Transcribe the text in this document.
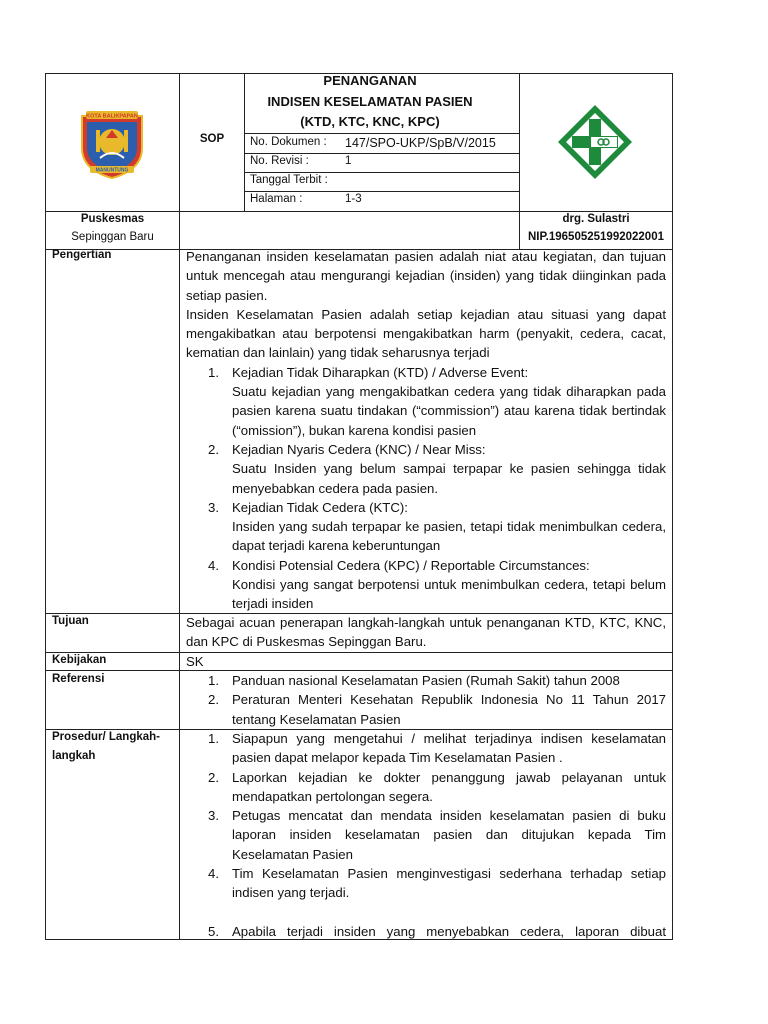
KOTA BALIKPAPAN
MANUNTUNG
SOP
PENANGANAN
INDISEN KESELAMATAN PASIEN
(KTD, KTC, KNC, KPC)
No. Dokumen : 147/SPO-UKP/SpB/V/2015
No. Revisi :	1
Tanggal Terbit :
Halaman :	1-3
Puskesmas
Sepinggan Baru
drg. Sulastri
NIP.196505251992022001
Pengertian	Penanganan insiden keselamatan pasien adalah niat atau kegiatan, dan tujuan untuk mencegah atau mengurangi kejadian (insiden) yang tidak diinginkan pada setiap pasien.
Insiden Keselamatan Pasien adalah setiap kejadian atau situasi yang dapat mengakibatkan atau berpotensi mengakibatkan harm (penyakit, cedera, cacat, kematian dan lainlain) yang tidak seharusnya terjadi
1. Kejadian Tidak Diharapkan (KTD) / Adverse Event:
Suatu kejadian yang mengakibatkan cedera yang tidak diharapkan pada pasien karena suatu tindakan (“commission”) atau karena tidak bertindak (“omission”), bukan karena kondisi pasien
2. Kejadian Nyaris Cedera (KNC) / Near Miss:
Suatu Insiden yang belum sampai terpapar ke pasien sehingga tidak menyebabkan cedera pada pasien.
3. Kejadian Tidak Cedera (KTC):
Insiden yang sudah terpapar ke pasien, tetapi tidak menimbulkan cedera, dapat terjadi karena keberuntungan
4. Kondisi Potensial Cedera (KPC) / Reportable Circumstances:
Kondisi yang sangat berpotensi untuk menimbulkan cedera, tetapi belum terjadi insiden
Tujuan	Sebagai acuan penerapan langkah-langkah untuk penanganan KTD, KTC, KNC, dan KPC di Puskesmas Sepinggan Baru.
Kebijakan	SK
Referensi	1. Panduan nasional Keselamatan Pasien (Rumah Sakit) tahun 2008
2. Peraturan Menteri Kesehatan Republik Indonesia No 11 Tahun 2017 tentang Keselamatan Pasien
Prosedur/ Langkah-
langkah
1. Siapapun yang mengetahui / melihat terjadinya indisen keselamatan pasien dapat melapor kepada Tim Keselamatan Pasien .
2. Laporkan kejadian ke dokter penanggung jawab pelayanan untuk mendapatkan pertolongan segera.
3. Petugas mencatat dan mendata insiden keselamatan pasien di buku laporan insiden keselamatan pasien dan ditujukan kepada Tim Keselamatan Pasien
4. Tim Keselamatan Pasien menginvestigasi sederhana terhadap setiap indisen yang terjadi.
5. Apabila terjadi insiden yang menyebabkan cedera, laporan dibuat
